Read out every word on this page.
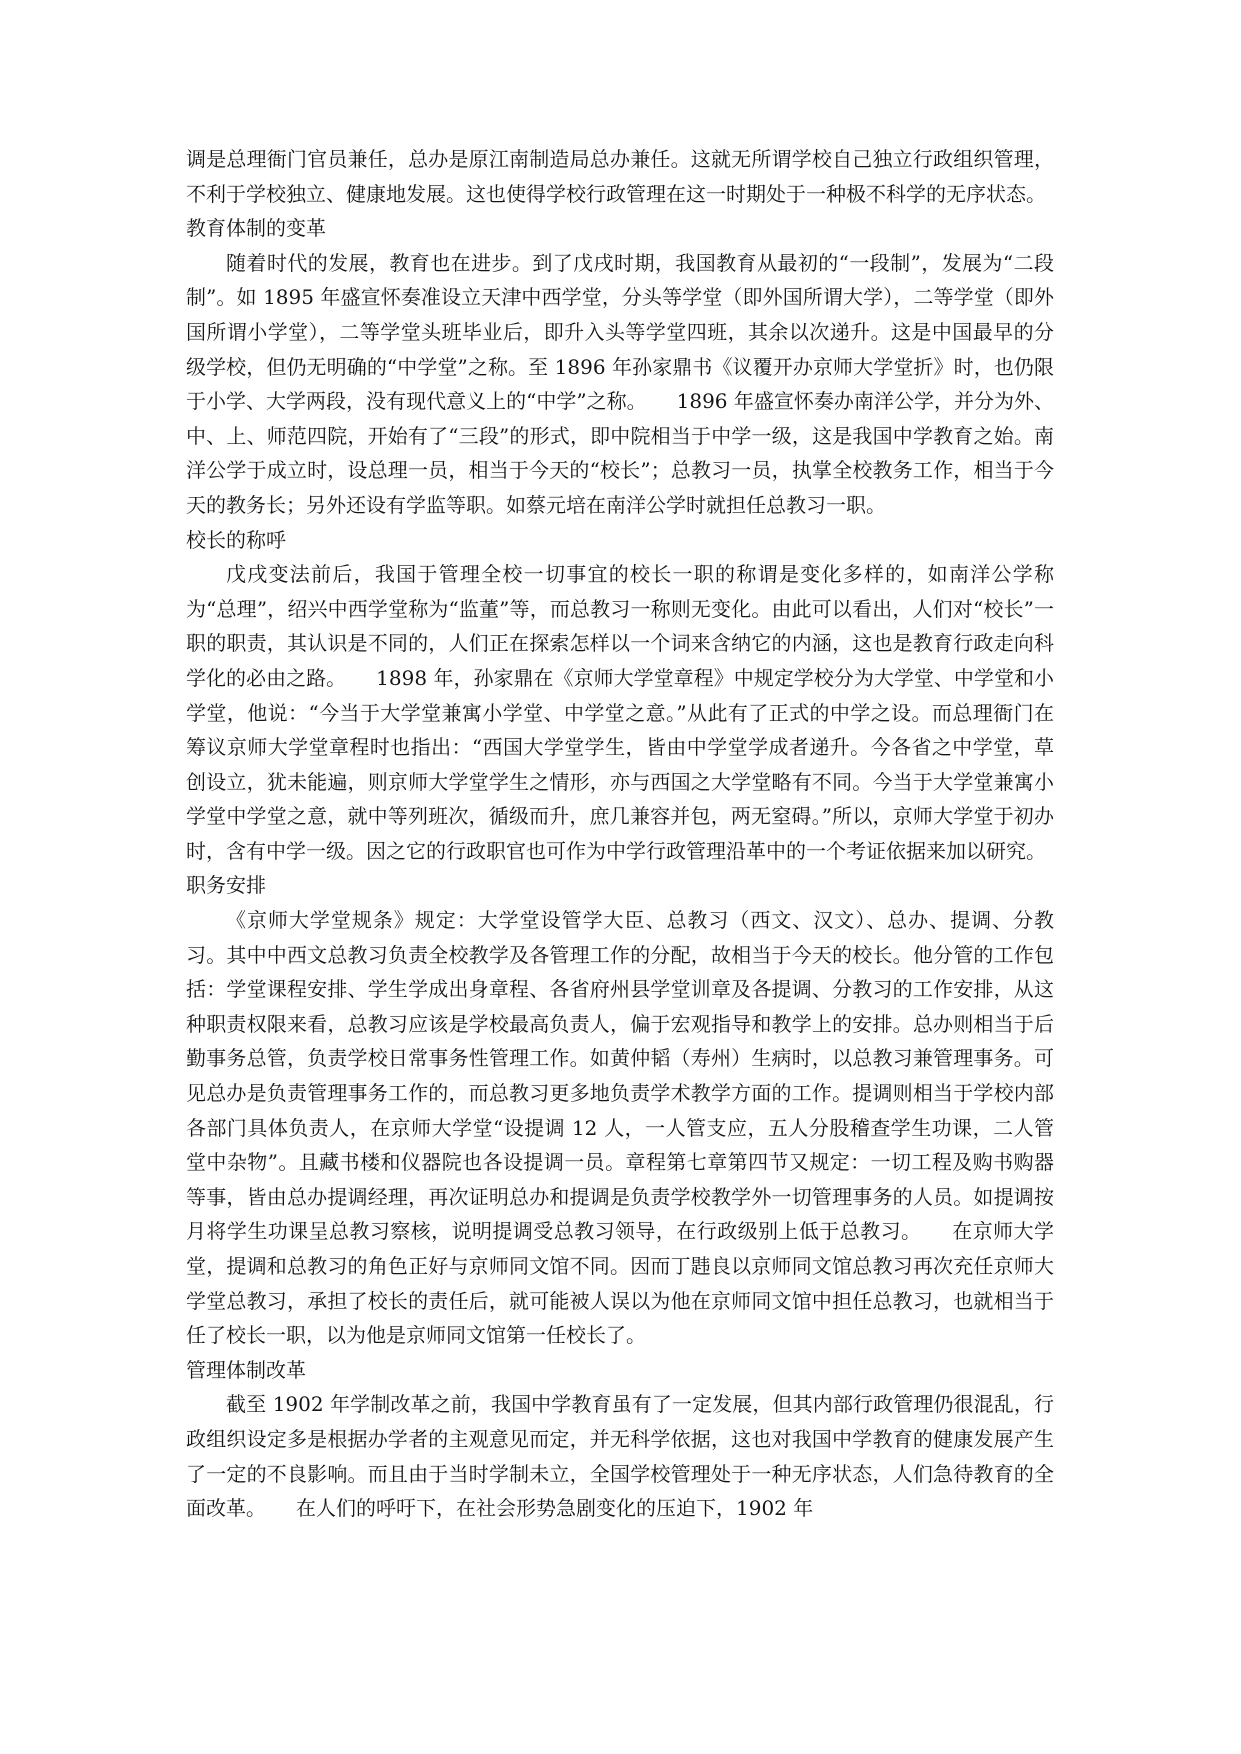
调是总理衙门官员兼任，总办是原江南制造局总办兼任。这就无所谓学校自己独立行政组织管理，不利于学校独立、健康地发展。这也使得学校行政管理在这一时期处于一种极不科学的无序状态。

教育体制的变革

随着时代的发展，教育也在进步。到了戊戌时期，我国教育从最初的“一段制”，发展为“二段制”。如 1895 年盛宣怀奏准设立天津中西学堂，分头等学堂（即外国所谓大学），二等学堂（即外国所谓小学堂），二等学堂头班毕业后，即升入头等学堂四班，其余以次递升。这是中国最早的分级学校，但仍无明确的“中学堂”之称。至 1896 年孙家鼎书《议覆开办京师大学堂折》时，也仍限于小学、大学两段，没有现代意义上的“中学”之称。　　1896 年盛宣怀奏办南洋公学，并分为外、中、上、师范四院，开始有了“三段”的形式，即中院相当于中学一级，这是我国中学教育之始。南洋公学于成立时，设总理一员，相当于今天的“校长”；总教习一员，执掌全校教务工作，相当于今天的教务长；另外还设有学监等职。如蔡元培在南洋公学时就担任总教习一职。

校长的称呼

戊戌变法前后，我国于管理全校一切事宜的校长一职的称谓是变化多样的，如南洋公学称为“总理”，绍兴中西学堂称为“监董”等，而总教习一称则无变化。由此可以看出，人们对“校长”一职的职责，其认识是不同的，人们正在探索怎样以一个词来含纳它的内涵，这也是教育行政走向科学化的必由之路。　　1898 年，孙家鼎在《京师大学堂章程》中规定学校分为大学堂、中学堂和小学堂，他说：“今当于大学堂兼寓小学堂、中学堂之意。”从此有了正式的中学之设。而总理衙门在筹议京师大学堂章程时也指出：“西国大学堂学生，皆由中学堂学成者递升。今各省之中学堂，草创设立，犹未能遍，则京师大学堂学生之情形，亦与西国之大学堂略有不同。今当于大学堂兼寓小学堂中学堂之意，就中等列班次，循级而升，庶几兼容并包，两无窒碍。”所以，京师大学堂于初办时，含有中学一级。因之它的行政职官也可作为中学行政管理沿革中的一个考证依据来加以研究。

职务安排

《京师大学堂规条》规定：大学堂设管学大臣、总教习（西文、汉文）、总办、提调、分教习。其中中西文总教习负责全校教学及各管理工作的分配，故相当于今天的校长。他分管的工作包括：学堂课程安排、学生学成出身章程、各省府州县学堂训章及各提调、分教习的工作安排，从这种职责权限来看，总教习应该是学校最高负责人，偏于宏观指导和教学上的安排。总办则相当于后勤事务总管，负责学校日常事务性管理工作。如黄仲韬（寿州）生病时，以总教习兼管理事务。可见总办是负责管理事务工作的，而总教习更多地负责学术教学方面的工作。提调则相当于学校内部各部门具体负责人，在京师大学堂“设提调 12 人，一人管支应，五人分股稽查学生功课，二人管堂中杂物”。且藏书楼和仪器院也各设提调一员。章程第七章第四节又规定：一切工程及购书购器等事，皆由总办提调经理，再次证明总办和提调是负责学校教学外一切管理事务的人员。如提调按月将学生功课呈总教习察核，说明提调受总教习领导，在行政级别上低于总教习。　　在京师大学堂，提调和总教习的角色正好与京师同文馆不同。因而丁韪良以京师同文馆总教习再次充任京师大学堂总教习，承担了校长的责任后，就可能被人误以为他在京师同文馆中担任总教习，也就相当于任了校长一职，以为他是京师同文馆第一任校长了。

管理体制改革

截至 1902 年学制改革之前，我国中学教育虽有了一定发展，但其内部行政管理仍很混乱，行政组织设定多是根据办学者的主观意见而定，并无科学依据，这也对我国中学教育的健康发展产生了一定的不良影响。而且由于当时学制未立，全国学校管理处于一种无序状态，人们急待教育的全面改革。　　在人们的呼吁下，在社会形势急剧变化的压迫下，1902 年
